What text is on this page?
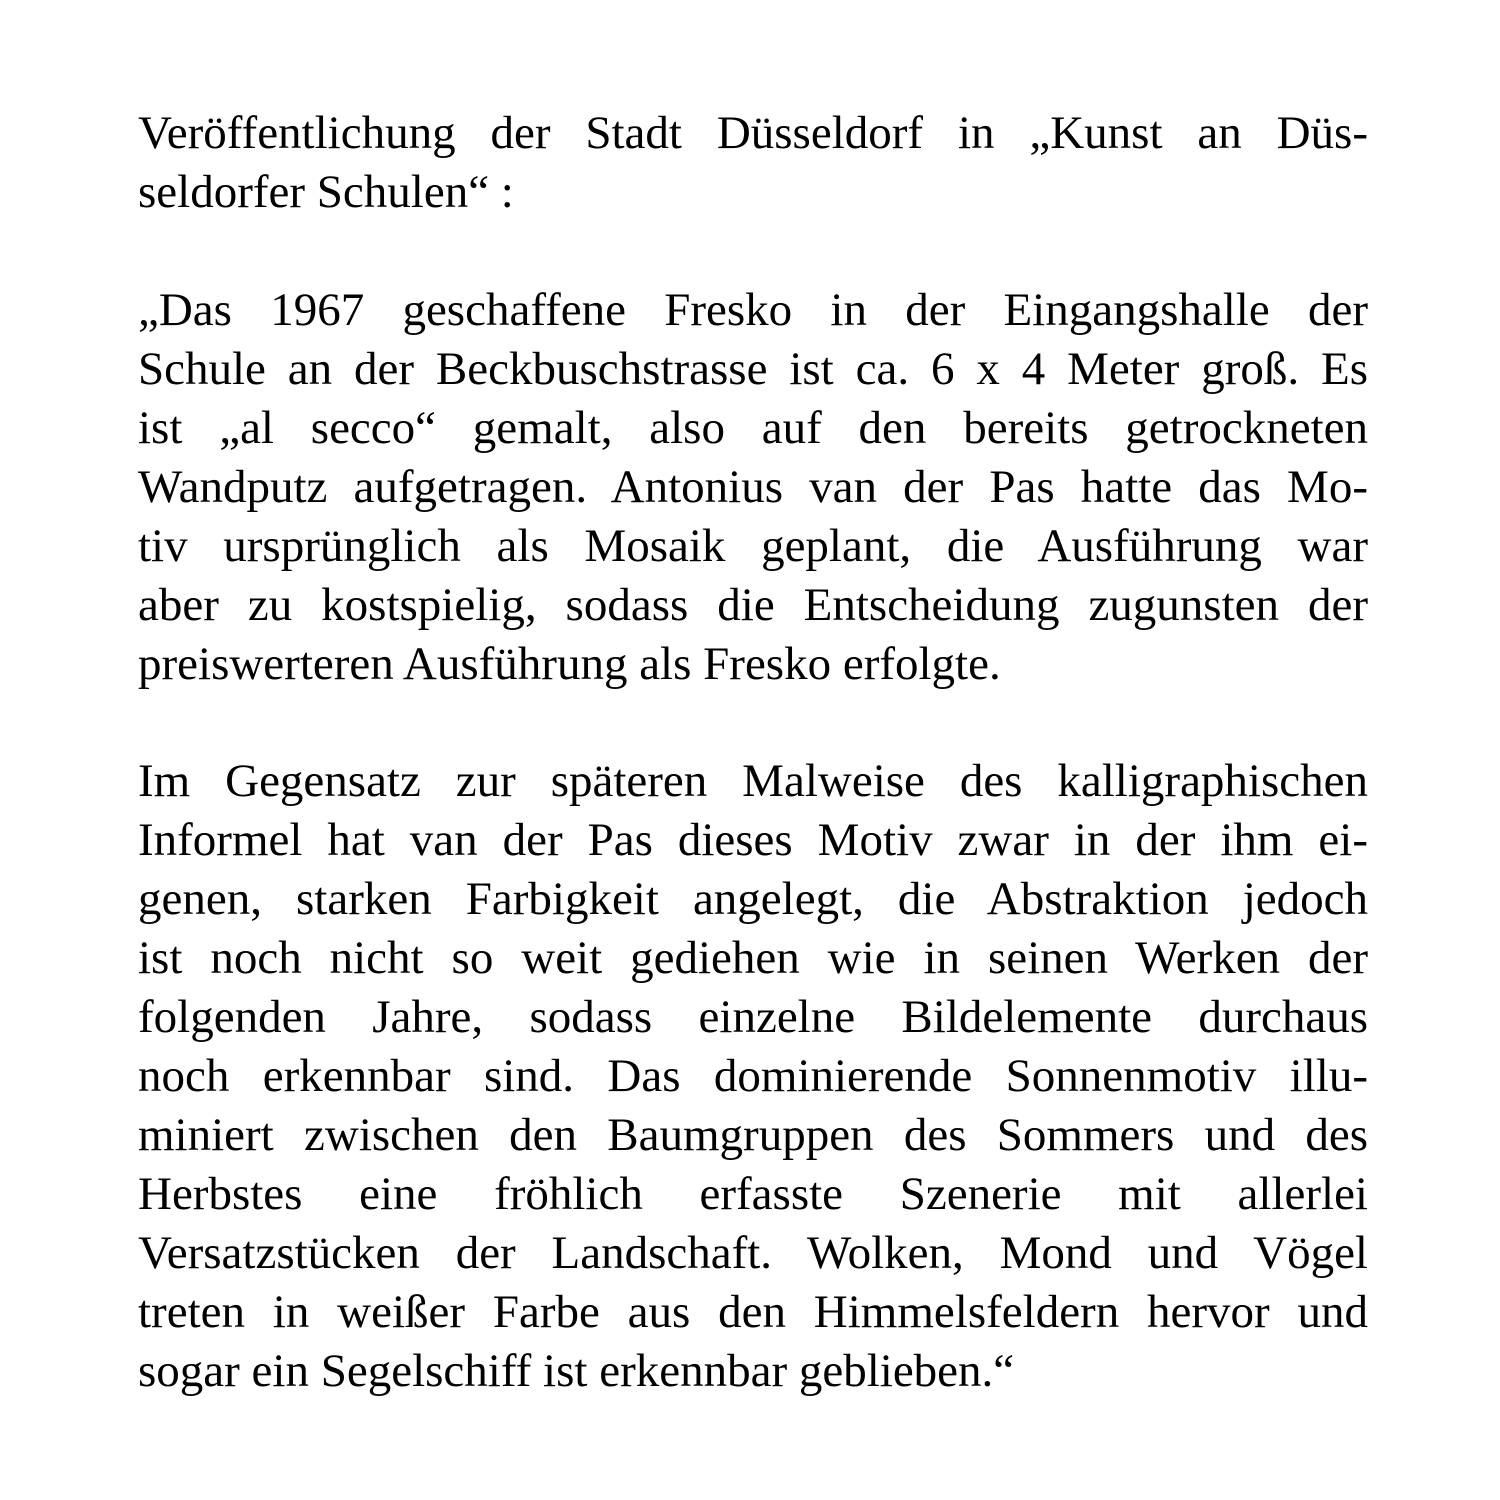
Veröffentlichung der Stadt Düsseldorf in „Kunst an Düs-
seldorfer Schulen“ :
„Das 1967 geschaffene Fresko in der Eingangshalle der
Schule an der Beckbuschstrasse ist ca. 6 x 4 Meter groß. Es
ist „al secco“ gemalt, also auf den bereits getrockneten
Wandputz aufgetragen. Antonius van der Pas hatte das Mo-
tiv ursprünglich als Mosaik geplant, die Ausführung war
aber zu kostspielig, sodass die Entscheidung zugunsten der
preiswerteren Ausführung als Fresko erfolgte.
Im Gegensatz zur späteren Malweise des kalligraphischen
Informel hat van der Pas dieses Motiv zwar in der ihm ei-
genen, starken Farbigkeit angelegt, die Abstraktion jedoch
ist noch nicht so weit gediehen wie in seinen Werken der
folgenden Jahre, sodass einzelne Bildelemente durchaus
noch erkennbar sind. Das dominierende Sonnenmotiv illu-
miniert zwischen den Baumgruppen des Sommers und des
Herbstes eine fröhlich erfasste Szenerie mit allerlei
Versatzstücken der Landschaft. Wolken, Mond und Vögel
treten in weißer Farbe aus den Himmelsfeldern hervor und
sogar ein Segelschiff ist erkennbar geblieben.“
